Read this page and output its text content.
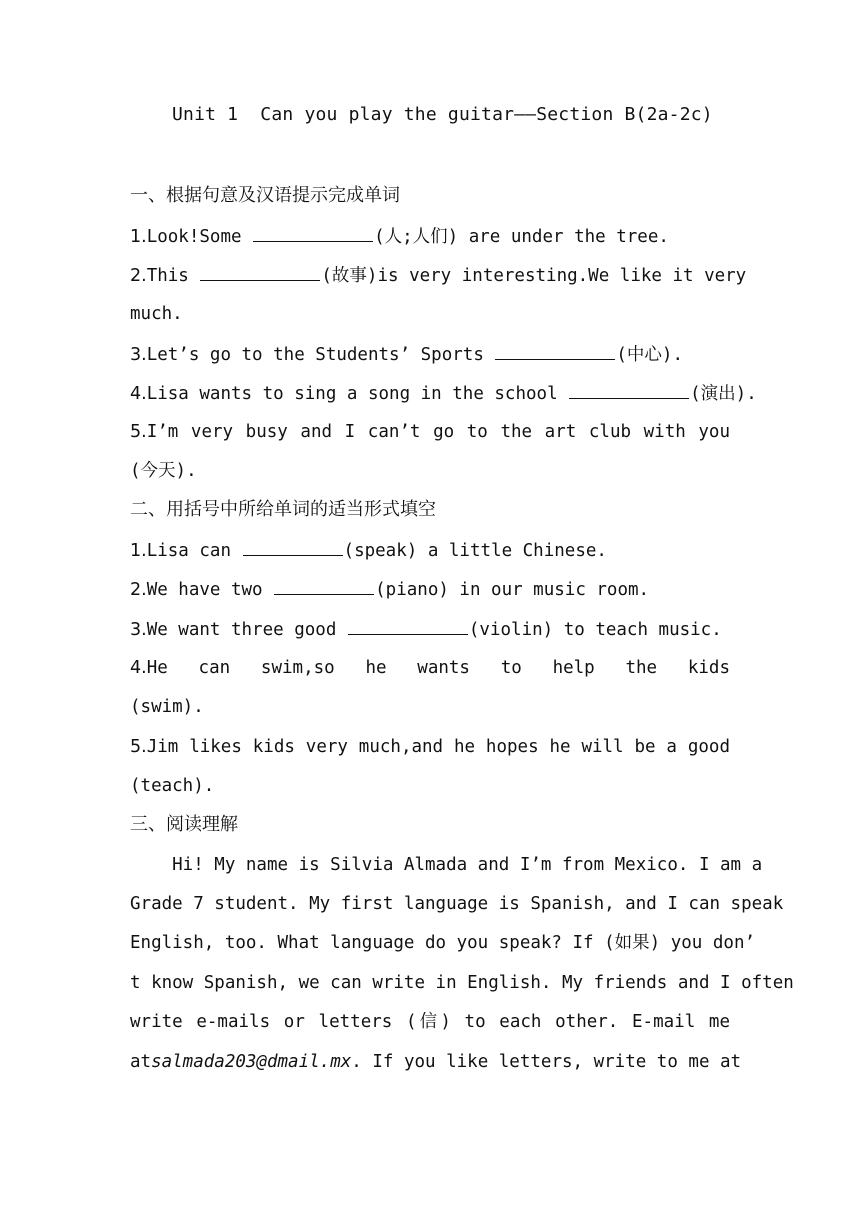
Unit 1  Can you play the guitar——Section B(2a-2c)
一、根据句意及汉语提示完成单词
1.Look!Some	(人;人们) are under the tree.
2.This	(故事)is very interesting.We like it very
much.
3.Let’s go to the Students’ Sports	(中心).
4.Lisa wants to sing a song in the school	(演出).
5.I’m very busy and I can’t go to the art club with you
(今天).
二、用括号中所给单词的适当形式填空
1.Lisa can	(speak) a little Chinese.
2.We have two	(piano) in our music room.
3.We want three good	(violin) to teach music.
4.He can swim,so he wants to help the kids
(swim).
5.Jim likes kids very much,and he hopes he will be a good
(teach).
三、阅读理解
Hi! My name is Silvia Almada and I’m from Mexico. I am a
Grade 7 student. My first language is Spanish, and I can speak
English, too. What language do you speak? If (如果) you don’
t know Spanish, we can write in English. My friends and I often
write e-mails or letters (信) to each other. E-mail me
atsalmada203@dmail.mx. If you like letters, write to me at
